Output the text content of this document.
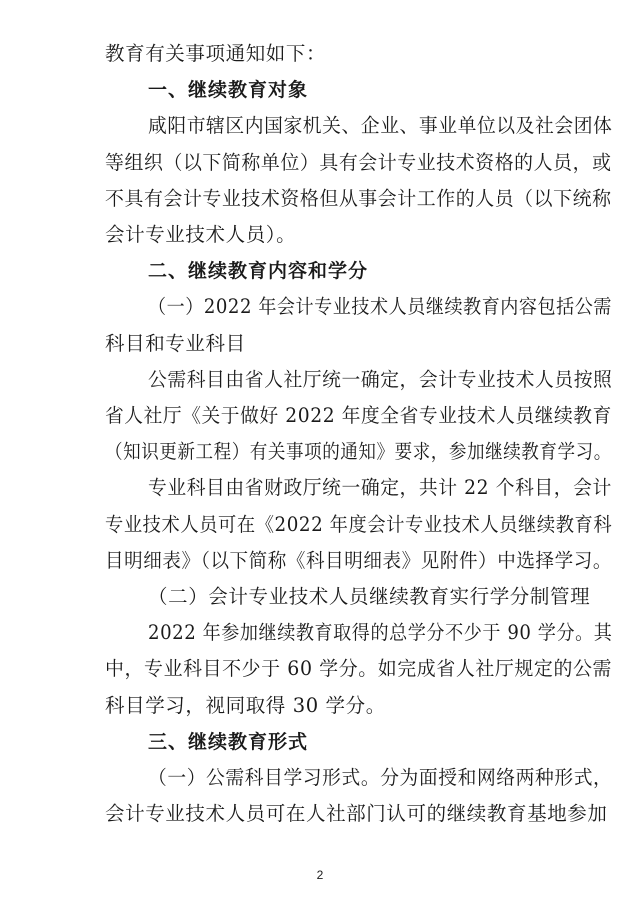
教育有关事项通知如下：
一、继续教育对象
咸阳市辖区内国家机关、企业、事业单位以及社会团体
等组织（以下简称单位）具有会计专业技术资格的人员，或
不具有会计专业技术资格但从事会计工作的人员（以下统称
会计专业技术人员）。
二、继续教育内容和学分
（一）2022 年会计专业技术人员继续教育内容包括公需
科目和专业科目
公需科目由省人社厅统一确定，会计专业技术人员按照
省人社厅《关于做好 2022 年度全省专业技术人员继续教育
（知识更新工程）有关事项的通知》要求，参加继续教育学习。
专业科目由省财政厅统一确定，共计 22 个科目，会计
专业技术人员可在《2022 年度会计专业技术人员继续教育科
目明细表》（以下简称《科目明细表》见附件）中选择学习。
（二）会计专业技术人员继续教育实行学分制管理
2022 年参加继续教育取得的总学分不少于 90 学分。其
中，专业科目不少于 60 学分。如完成省人社厅规定的公需
科目学习，视同取得 30 学分。
三、继续教育形式
（一）公需科目学习形式。分为面授和网络两种形式，
会计专业技术人员可在人社部门认可的继续教育基地参加
2
